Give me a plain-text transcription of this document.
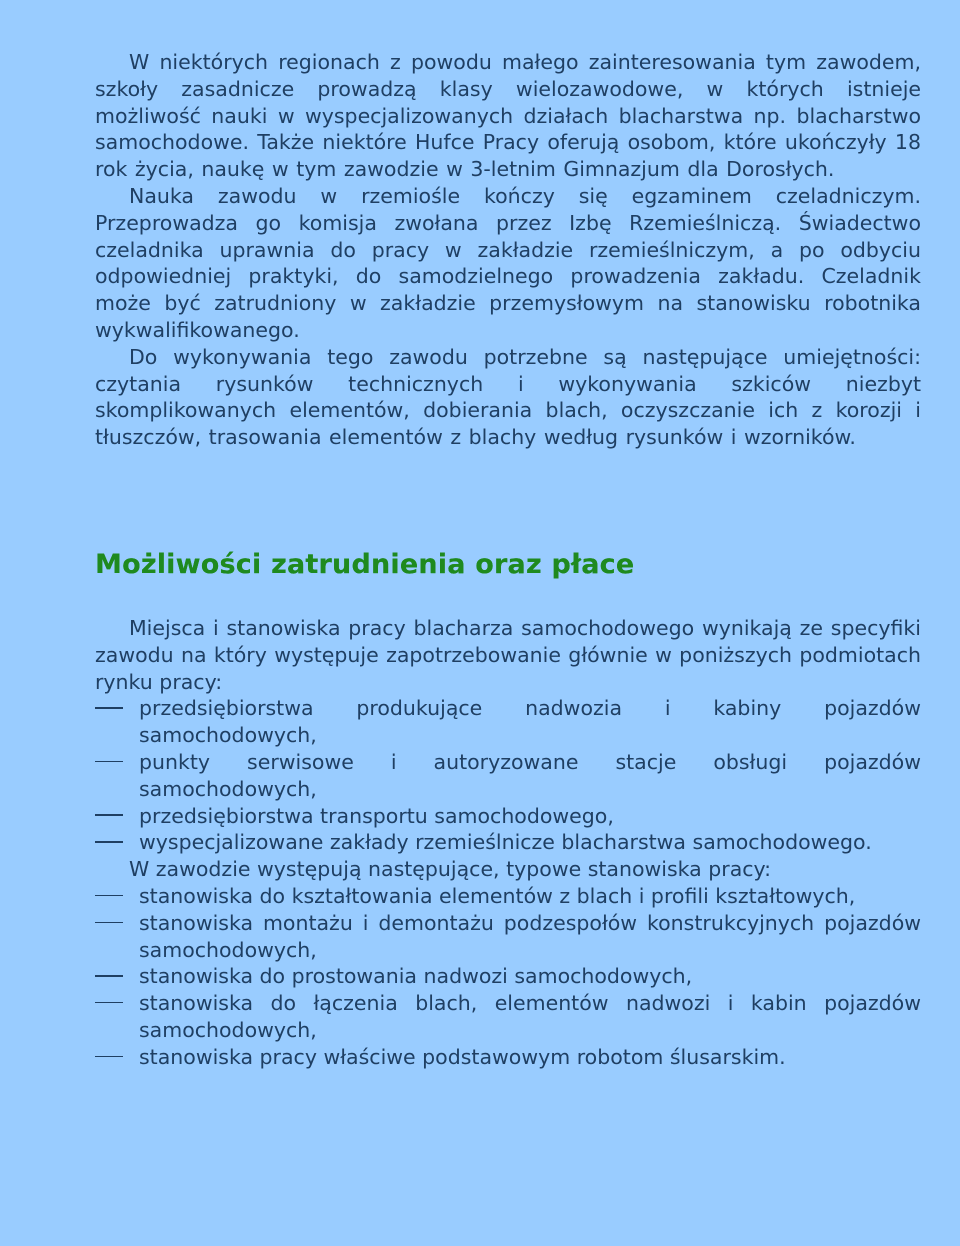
W niektórych regionach z powodu małego zainteresowania tym zawodem, szkoły zasadnicze prowadzą klasy wielozawodowe, w których istnieje możliwość nauki w wyspecjalizowanych działach blacharstwa np. blacharstwo samochodowe. Także niektóre Hufce Pracy oferują osobom, które ukończyły 18 rok życia, naukę w tym zawodzie w 3-letnim Gimnazjum dla Dorosłych.

Nauka zawodu w rzemiośle kończy się egzaminem czeladniczym. Przeprowadza go komisja zwołana przez Izbę Rzemieślniczą. Świadectwo czeladnika uprawnia do pracy w zakładzie rzemieślniczym, a po odbyciu odpowiedniej praktyki, do samodzielnego prowadzenia zakładu. Czeladnik może być zatrudniony w zakładzie przemysłowym na stanowisku robotnika wykwalifikowanego.

Do wykonywania tego zawodu potrzebne są następujące umiejętności: czytania rysunków technicznych i wykonywania szkiców niezbyt skomplikowanych elementów, dobierania blach, oczyszczanie ich z korozji i tłuszczów, trasowania elementów z blachy według rysunków i wzorników.

Możliwości zatrudnienia oraz płace

Miejsca i stanowiska pracy blacharza samochodowego wynikają ze specyfiki zawodu na który występuje zapotrzebowanie głównie w poniższych podmiotach rynku pracy:

przedsiębiorstwa produkujące nadwozia i kabiny pojazdów samochodowych,
punkty serwisowe i autoryzowane stacje obsługi pojazdów samochodowych,
przedsiębiorstwa transportu samochodowego,
wyspecjalizowane zakłady rzemieślnicze blacharstwa samochodowego.

W zawodzie występują następujące, typowe stanowiska pracy:

stanowiska do kształtowania elementów z blach i profili kształtowych,
stanowiska montażu i demontażu podzespołów konstrukcyjnych pojazdów samochodowych,
stanowiska do prostowania nadwozi samochodowych,
stanowiska do łączenia blach, elementów nadwozi i kabin pojazdów samochodowych,
stanowiska pracy właściwe podstawowym robotom ślusarskim.
